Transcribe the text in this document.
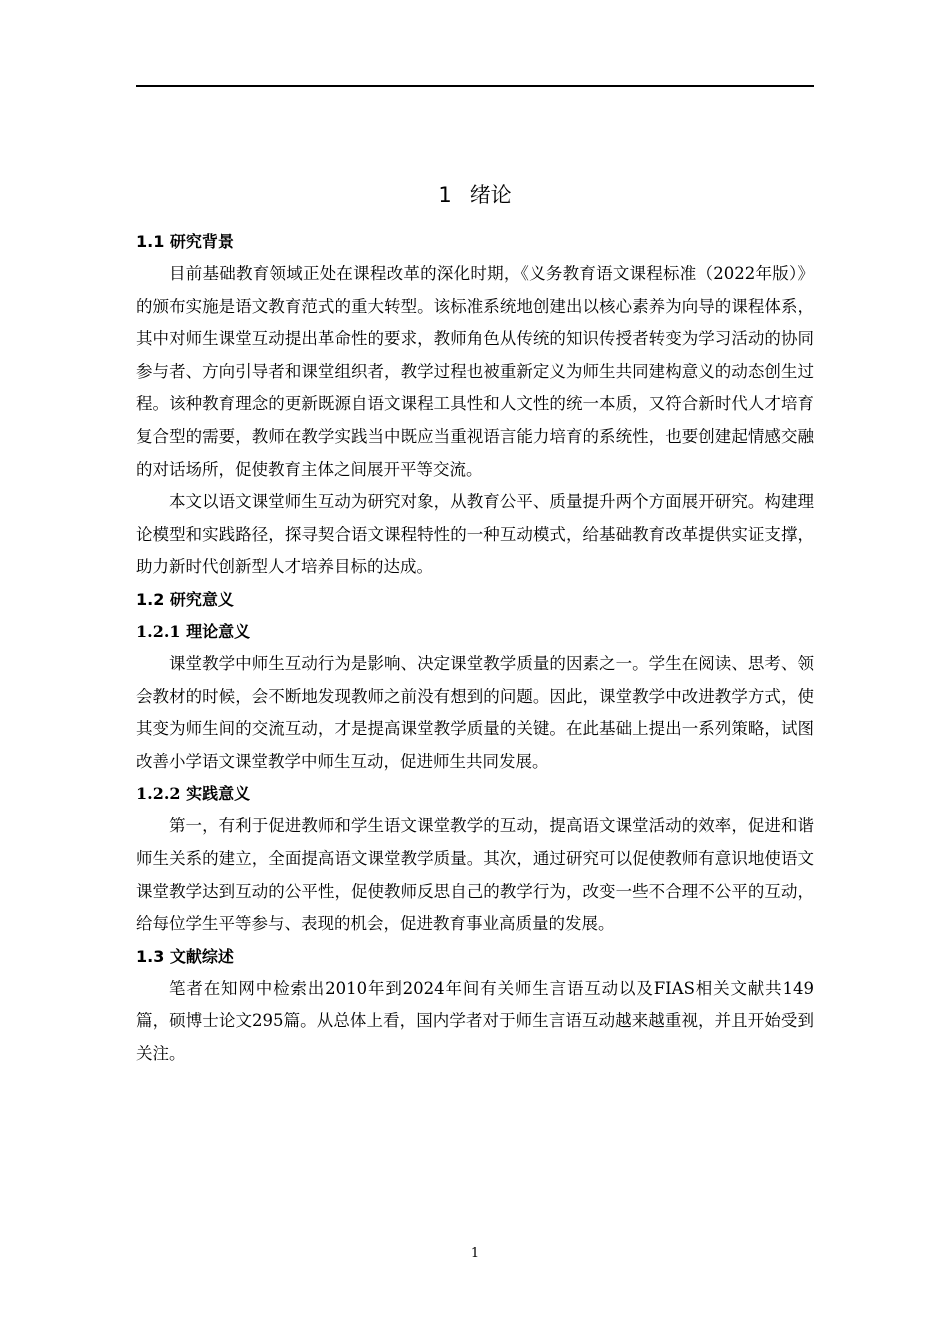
1 绪论
1.1 研究背景

目前基础教育领域正处在课程改革的深化时期，《义务教育语文课程标准（2022年版）》的颁布实施是语文教育范式的重大转型。该标准系统地创建出以核心素养为向导的课程体系，其中对师生课堂互动提出革命性的要求，教师角色从传统的知识传授者转变为学习活动的协同参与者、方向引导者和课堂组织者，教学过程也被重新定义为师生共同建构意义的动态创生过程。该种教育理念的更新既源自语文课程工具性和人文性的统一本质，又符合新时代人才培育复合型的需要，教师在教学实践当中既应当重视语言能力培育的系统性，也要创建起情感交融的对话场所，促使教育主体之间展开平等交流。

本文以语文课堂师生互动为研究对象，从教育公平、质量提升两个方面展开研究。构建理论模型和实践路径，探寻契合语文课程特性的一种互动模式，给基础教育改革提供实证支撑，助力新时代创新型人才培养目标的达成。

1.2 研究意义
1.2.1 理论意义

课堂教学中师生互动行为是影响、决定课堂教学质量的因素之一。学生在阅读、思考、领会教材的时候，会不断地发现教师之前没有想到的问题。因此，课堂教学中改进教学方式，使其变为师生间的交流互动，才是提高课堂教学质量的关键。在此基础上提出一系列策略，试图改善小学语文课堂教学中师生互动，促进师生共同发展。

1.2.2 实践意义

第一，有利于促进教师和学生语文课堂教学的互动，提高语文课堂活动的效率，促进和谐师生关系的建立，全面提高语文课堂教学质量。其次，通过研究可以促使教师有意识地使语文课堂教学达到互动的公平性，促使教师反思自己的教学行为，改变一些不合理不公平的互动，给每位学生平等参与、表现的机会，促进教育事业高质量的发展。

1.3 文献综述

笔者在知网中检索出2010年到2024年间有关师生言语互动以及FIAS相关文献共149篇，硕博士论文295篇。从总体上看，国内学者对于师生言语互动越来越重视，并且开始受到关注。

1
